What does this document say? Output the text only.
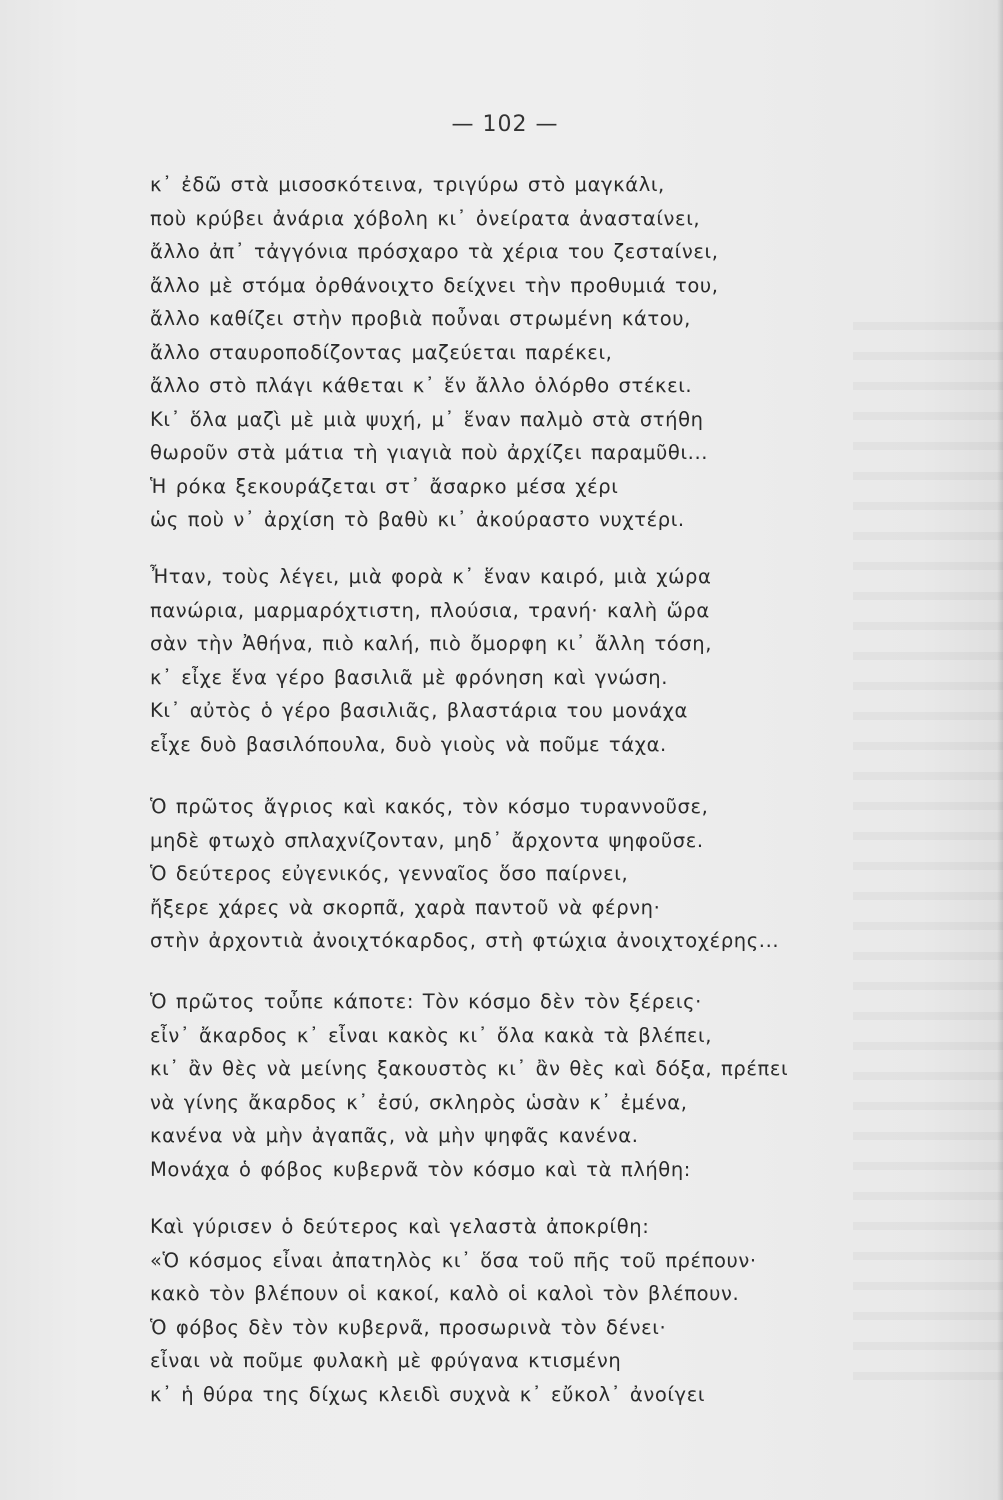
— 102 —
κ᾽ ἐδῶ στὰ μισοσκότεινα, τριγύρω στὸ μαγκάλι,
ποὺ κρύβει ἀνάρια χόβολη κι᾽ ὀνείρατα ἀνασταίνει,
ἄλλο ἀπ᾽ τἀγγόνια πρόσχαρο τὰ χέρια του ζεσταίνει,
ἄλλο μὲ στόμα ὀρθάνοιχτο δείχνει τὴν προθυμιά του,
ἄλλο καθίζει στὴν προβιὰ ποὖναι στρωμένη κάτου,
ἄλλο σταυροποδίζοντας μαζεύεται παρέκει,
ἄλλο στὸ πλάγι κάθεται κ᾽ ἕν ἄλλο ὁλόρθο στέκει.
Κι᾽ ὅλα μαζὶ μὲ μιὰ ψυχή, μ᾽ ἕναν παλμὸ στὰ στήθη
θωροῦν στὰ μάτια τὴ γιαγιὰ ποὺ ἀρχίζει παραμῦθι...
Ἡ ρόκα ξεκουράζεται στ᾽ ἄσαρκο μέσα χέρι
ὡς ποὺ ν᾽ ἀρχίση τὸ βαθὺ κι᾽ ἀκούραστο νυχτέρι.
Ἦταν, τοὺς λέγει, μιὰ φορὰ κ᾽ ἕναν καιρό, μιὰ χώρα
πανώρια, μαρμαρόχτιστη, πλούσια, τρανή· καλὴ ὥρα
σὰν τὴν Ἀθήνα, πιὸ καλή, πιὸ ὄμορφη κι᾽ ἄλλη τόση,
κ᾽ εἶχε ἕνα γέρο βασιλιᾶ μὲ φρόνηση καὶ γνώση.
Κι᾽ αὐτὸς ὁ γέρο βασιλιᾶς, βλαστάρια του μονάχα
εἶχε δυὸ βασιλόπουλα, δυὸ γιοὺς νὰ ποῦμε τάχα.
Ὁ πρῶτος ἄγριος καὶ κακός, τὸν κόσμο τυραννοῦσε,
μηδὲ φτωχὸ σπλαχνίζονταν, μηδ᾽ ἄρχοντα ψηφοῦσε.
Ὁ δεύτερος εὐγενικός, γενναῖος ὅσο παίρνει,
ἤξερε χάρες νὰ σκορπᾶ, χαρὰ παντοῦ νὰ φέρνη·
στὴν ἀρχοντιὰ ἀνοιχτόκαρδος, στὴ φτώχια ἀνοιχτοχέρης...
Ὁ πρῶτος τοὖπε κάποτε: Τὸν κόσμο δὲν τὸν ξέρεις·
εἶν᾽ ἄκαρδος κ᾽ εἶναι κακὸς κι᾽ ὅλα κακὰ τὰ βλέπει,
κι᾽ ἂν θὲς νὰ μείνης ξακουστὸς κι᾽ ἂν θὲς καὶ δόξα, πρέπει
νὰ γίνης ἄκαρδος κ᾽ ἐσύ, σκληρὸς ὡσὰν κ᾽ ἐμένα,
κανένα νὰ μὴν ἀγαπᾶς, νὰ μὴν ψηφᾶς κανένα.
Μονάχα ὁ φόβος κυβερνᾶ τὸν κόσμο καὶ τὰ πλήθη:
Καὶ γύρισεν ὁ δεύτερος καὶ γελαστὰ ἀποκρίθη:
«Ὁ κόσμος εἶναι ἀπατηλὸς κι᾽ ὅσα τοῦ πῆς τοῦ πρέπουν·
κακὸ τὸν βλέπουν οἱ κακοί, καλὸ οἱ καλοὶ τὸν βλέπουν.
Ὁ φόβος δὲν τὸν κυβερνᾶ, προσωρινὰ τὸν δένει·
εἶναι νὰ ποῦμε φυλακὴ μὲ φρύγανα κτισμένη
κ᾽ ἡ θύρα της δίχως κλειδὶ συχνὰ κ᾽ εὔκολ᾽ ἀνοίγει
